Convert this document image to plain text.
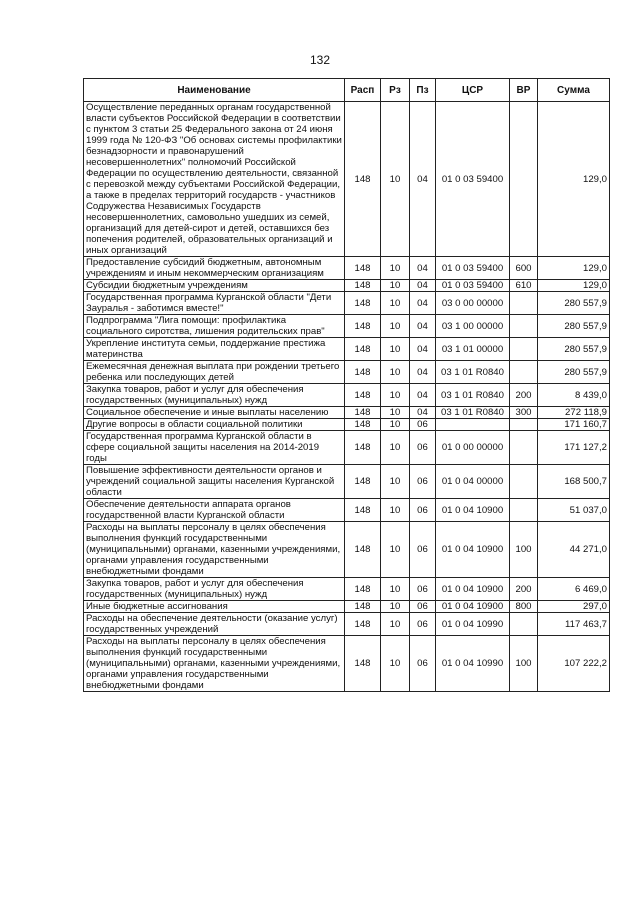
132
Наименование	Расп	Рз	Пз	ЦСР	ВР	Сумма
Осуществление переданных органам государственной власти субъектов Российской Федерации в соответствии с пунктом 3 статьи 25 Федерального закона от 24 июня 1999 года № 120-ФЗ "Об основах системы профилактики безнадзорности и правонарушений несовершеннолетних" полномочий Российской Федерации по осуществлению деятельности, связанной с перевозкой между субъектами Российской Федерации, а также в пределах территорий государств - участников Содружества Независимых Государств несовершеннолетних, самовольно ушедших из семей, организаций для детей-сирот и детей, оставшихся без попечения родителей, образовательных организаций и иных организаций	148	10	04	01 0 03 59400		129,0
Предоставление субсидий бюджетным, автономным учреждениям и иным некоммерческим организациям	148	10	04	01 0 03 59400	600	129,0
Субсидии бюджетным учреждениям	148	10	04	01 0 03 59400	610	129,0
Государственная программа Курганской области "Дети Зауралья - заботимся вместе!"	148	10	04	03 0 00 00000		280 557,9
Подпрограмма "Лига помощи: профилактика социального сиротства, лишения родительских прав"	148	10	04	03 1 00 00000		280 557,9
Укрепление института семьи, поддержание престижа материнства	148	10	04	03 1 01 00000		280 557,9
Ежемесячная денежная выплата при рождении третьего ребенка или последующих детей	148	10	04	03 1 01 R0840		280 557,9
Закупка товаров, работ и услуг для обеспечения государственных (муниципальных) нужд	148	10	04	03 1 01 R0840	200	8 439,0
Социальное обеспечение и иные выплаты населению	148	10	04	03 1 01 R0840	300	272 118,9
Другие вопросы в области социальной политики	148	10	06			171 160,7
Государственная программа Курганской области в сфере социальной защиты населения на 2014-2019 годы	148	10	06	01 0 00 00000		171 127,2
Повышение эффективности деятельности органов и учреждений социальной защиты населения Курганской области	148	10	06	01 0 04 00000		168 500,7
Обеспечение деятельности аппарата органов государственной власти Курганской области	148	10	06	01 0 04 10900		51 037,0
Расходы на выплаты персоналу в целях обеспечения выполнения функций государственными (муниципальными) органами, казенными учреждениями, органами управления государственными внебюджетными фондами	148	10	06	01 0 04 10900	100	44 271,0
Закупка товаров, работ и услуг для обеспечения государственных (муниципальных) нужд	148	10	06	01 0 04 10900	200	6 469,0
Иные бюджетные ассигнования	148	10	06	01 0 04 10900	800	297,0
Расходы на обеспечение деятельности (оказание услуг) государственных учреждений	148	10	06	01 0 04 10990		117 463,7
Расходы на выплаты персоналу в целях обеспечения выполнения функций государственными (муниципальными) органами, казенными учреждениями, органами управления государственными внебюджетными фондами	148	10	06	01 0 04 10990	100	107 222,2
